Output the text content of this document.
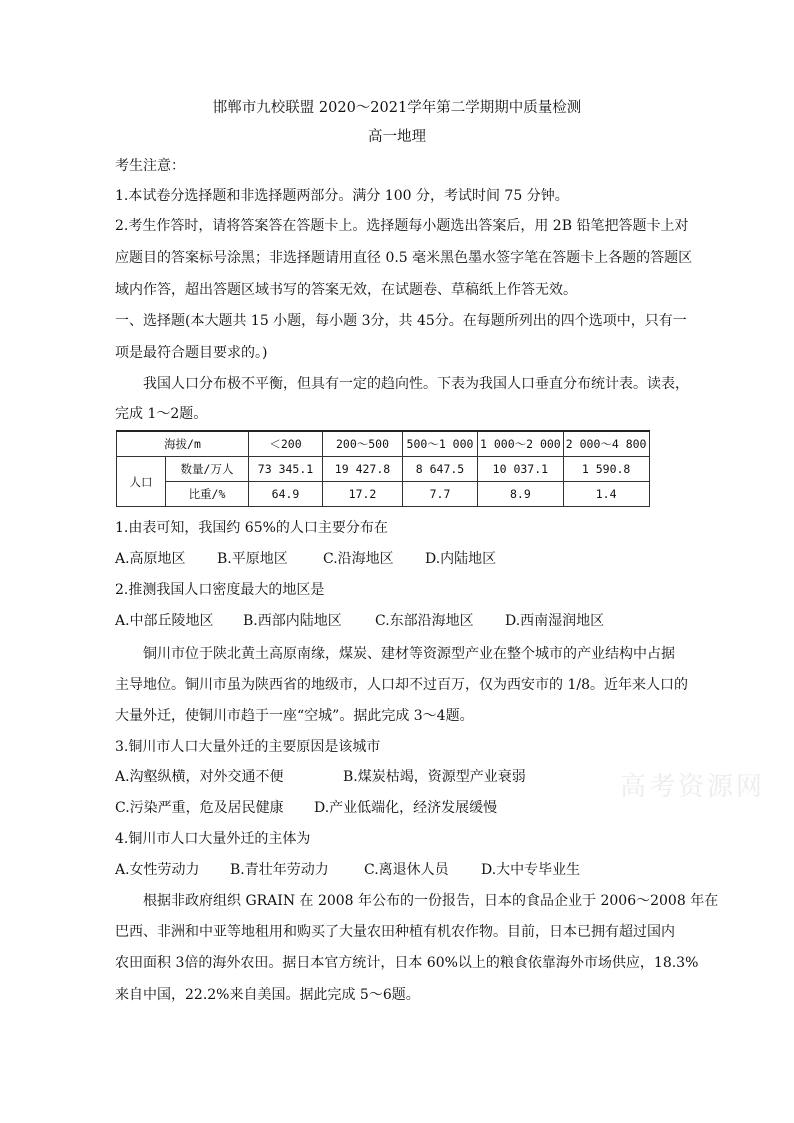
邯郸市九校联盟 2020～2021学年第二学期期中质量检测
高一地理
考生注意：
1.本试卷分选择题和非选择题两部分。满分 100 分，考试时间 75 分钟。
2.考生作答时，请将答案答在答题卡上。选择题每小题选出答案后，用 2B 铅笔把答题卡上对
应题目的答案标号涂黑；非选择题请用直径 0.5 毫米黑色墨水签字笔在答题卡上各题的答题区
域内作答，超出答题区域书写的答案无效，在试题卷、草稿纸上作答无效。
一、选择题(本大题共 15 小题，每小题 3分，共 45分。在每题所列出的四个选项中，只有一
项是最符合题目要求的。)
我国人口分布极不平衡，但具有一定的趋向性。下表为我国人口垂直分布统计表。读表，
完成 1～2题。
海拔/m		＜200	200～500	500～1 000	1 000～2 000	2 000～4 800
人口	数量/万人	73 345.1	19 427.8	8 647.5	10 037.1	1 590.8
	比重/%	64.9	17.2	7.7	8.9	1.4
1.由表可知，我国约 65%的人口主要分布在
A.高原地区 B.平原地区	C.沿海地区 D.内陆地区
2.推测我国人口密度最大的地区是
A.中部丘陵地区 B.西部内陆地区 C.东部沿海地区 D.西南湿润地区
铜川市位于陕北黄土高原南缘，煤炭、建材等资源型产业在整个城市的产业结构中占据
主导地位。铜川市虽为陕西省的地级市，人口却不过百万，仅为西安市的 1/8。近年来人口的
大量外迁，使铜川市趋于一座“空城”。据此完成 3～4题。
3.铜川市人口大量外迁的主要原因是该城市
A.沟壑纵横，对外交通不便	B.煤炭枯竭，资源型产业衰弱
C.污染严重，危及居民健康 D.产业低端化，经济发展缓慢
4.铜川市人口大量外迁的主体为
A.女性劳动力 B.青壮年劳动力	C.离退休人员 D.大中专毕业生
根据非政府组织 GRAIN 在 2008 年公布的一份报告，日本的食品企业于 2006～2008 年在
巴西、非洲和中亚等地租用和购买了大量农田种植有机农作物。目前，日本已拥有超过国内
农田面积 3倍的海外农田。据日本官方统计，日本 60%以上的粮食依靠海外市场供应，18.3%
来自中国，22.2%来自美国。据此完成 5～6题。
高考资源网
